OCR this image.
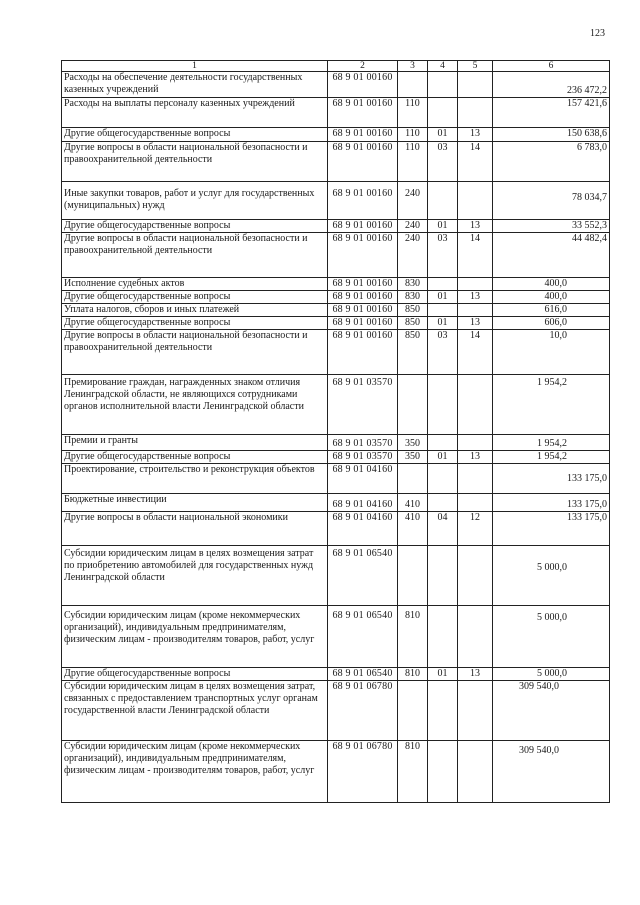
123
1	2	3	4	5	6
Расходы на обеспечение деятельности государственных казенных учреждений	68 9 01 00160				236 472,2
Расходы на выплаты персоналу казенных учреждений	68 9 01 00160	110			157 421,6
Другие общегосударственные вопросы	68 9 01 00160	110	01	13	150 638,6
Другие вопросы в области национальной безопасности и правоохранительной деятельности	68 9 01 00160	110	03	14	6 783,0
Иные закупки товаров, работ и услуг для государственных (муниципальных) нужд	68 9 01 00160	240			78 034,7
Другие общегосударственные вопросы	68 9 01 00160	240	01	13	33 552,3
Другие вопросы в области национальной безопасности и правоохранительной деятельности	68 9 01 00160	240	03	14	44 482,4
Исполнение судебных актов	68 9 01 00160	830			400,0
Другие общегосударственные вопросы	68 9 01 00160	830	01	13	400,0
Уплата налогов, сборов и иных платежей	68 9 01 00160	850			616,0
Другие общегосударственные вопросы	68 9 01 00160	850	01	13	606,0
Другие вопросы в области национальной безопасности и правоохранительной деятельности	68 9 01 00160	850	03	14	10,0
Премирование граждан, награжденных знаком отличия Ленинградской области, не являющихся сотрудниками органов исполнительной власти Ленинградской области	68 9 01 03570				1 954,2
Премии и гранты	68 9 01 03570	350			1 954,2
Другие общегосударственные вопросы	68 9 01 03570	350	01	13	1 954,2
Проектирование, строительство и реконструкция объектов	68 9 01 04160				133 175,0
Бюджетные инвестиции	68 9 01 04160	410			133 175,0
Другие вопросы в области национальной экономики	68 9 01 04160	410	04	12	133 175,0
Субсидии юридическим лицам в целях возмещения затрат по приобретению автомобилей для государственных нужд Ленинградской области	68 9 01 06540				5 000,0
Субсидии юридическим лицам (кроме некоммерческих организаций), индивидуальным предпринимателям, физическим лицам - производителям товаров, работ, услуг	68 9 01 06540	810			5 000,0
Другие общегосударственные вопросы	68 9 01 06540	810	01	13	5 000,0
Субсидии юридическим лицам в целях возмещения затрат, связанных с предоставлением транспортных услуг органам государственной власти Ленинградской области	68 9 01 06780				309 540,0
Субсидии юридическим лицам (кроме некоммерческих организаций), индивидуальным предпринимателям, физическим лицам - производителям товаров, работ, услуг	68 9 01 06780	810			309 540,0
